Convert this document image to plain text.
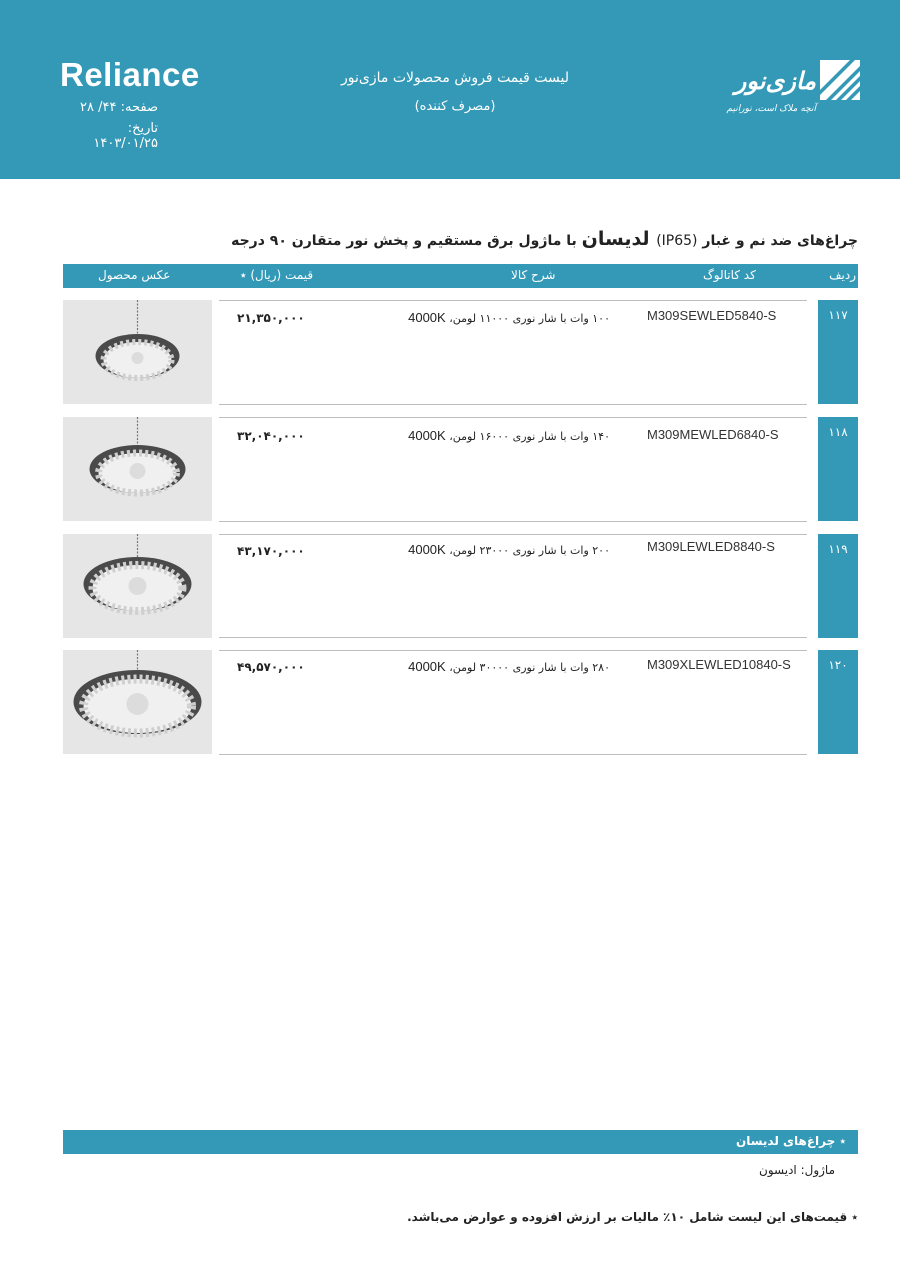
Reliance
صفحه: ۴۴/ ۲۸
تاریخ: ۱۴۰۳/۰۱/۲۵
لیست قیمت فروش محصولات مازی‌نور
(مصرف کننده)
مازی‌نور
آنچه ملاک است، نورانیم
چراغ‌های ضد نم و غبار (IP65) لدیسان با ماژول برق مستقیم و پخش نور متقارن ۹۰ درجه
ردیف
کد کاتالوگ
شرح کالا
قیمت (ریال) ٭
عکس محصول
۱۱۷
۲۱,۳۵۰,۰۰۰	۱۰۰ وات با شار نوری ۱۱۰۰۰ لومن، 4000K	M309SEWLED5840-S
۱۱۸
۳۲,۰۴۰,۰۰۰	۱۴۰ وات با شار نوری ۱۶۰۰۰ لومن، 4000K	M309MEWLED6840-S
۱۱۹
۴۳,۱۷۰,۰۰۰	۲۰۰ وات با شار نوری ۲۳۰۰۰ لومن، 4000K	M309LEWLED8840-S
۱۲۰
۴۹,۵۷۰,۰۰۰	۲۸۰ وات با شار نوری ۳۰۰۰۰ لومن، 4000K	M309XLEWLED10840-S
٭ چراغ‌های لدیسان
ماژول: ادیسون
٭ قیمت‌های این لیست شامل ۱۰٪ مالیات بر ارزش افزوده و عوارض می‌باشد.
